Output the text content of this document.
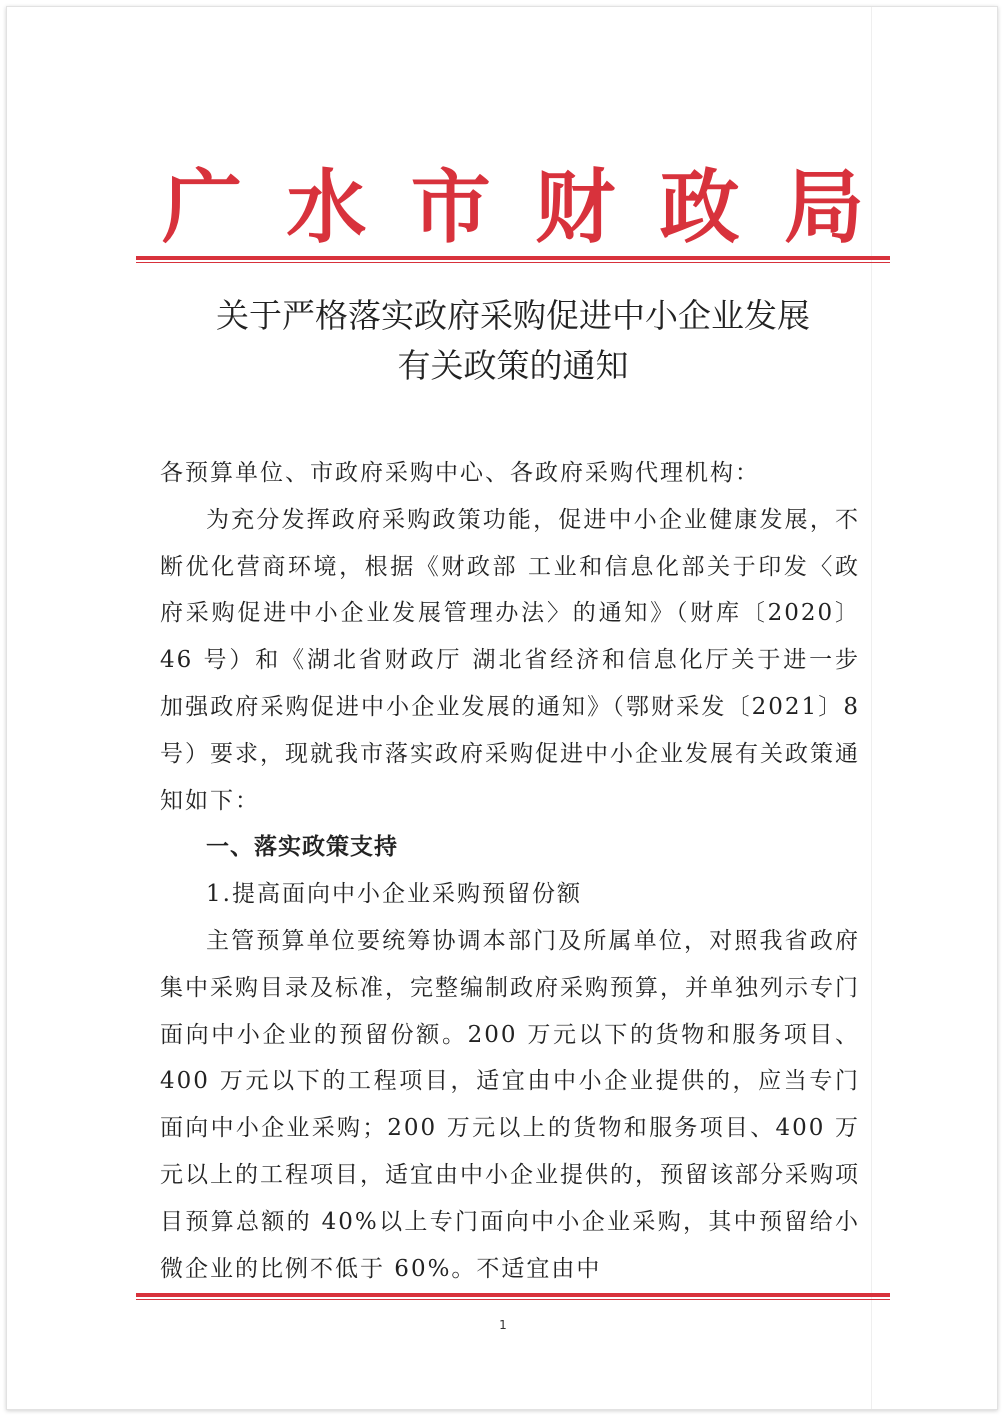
广 水 市 财 政 局
关于严格落实政府采购促进中小企业发展
有关政策的通知

各预算单位、市政府采购中心、各政府采购代理机构：

为充分发挥政府采购政策功能，促进中小企业健康发展，不断优化营商环境，根据《财政部 工业和信息化部关于印发〈政府采购促进中小企业发展管理办法〉的通知》（财库〔2020〕46 号）和《湖北省财政厅 湖北省经济和信息化厅关于进一步加强政府采购促进中小企业发展的通知》（鄂财采发〔2021〕8 号）要求，现就我市落实政府采购促进中小企业发展有关政策通知如下：

一、落实政策支持

1.提高面向中小企业采购预留份额

主管预算单位要统筹协调本部门及所属单位，对照我省政府集中采购目录及标准，完整编制政府采购预算，并单独列示专门面向中小企业的预留份额。200 万元以下的货物和服务项目、400 万元以下的工程项目，适宜由中小企业提供的，应当专门面向中小企业采购；200 万元以上的货物和服务项目、400 万元以上的工程项目，适宜由中小企业提供的，预留该部分采购项目预算总额的 40%以上专门面向中小企业采购，其中预留给小微企业的比例不低于 60%。不适宜由中

1
